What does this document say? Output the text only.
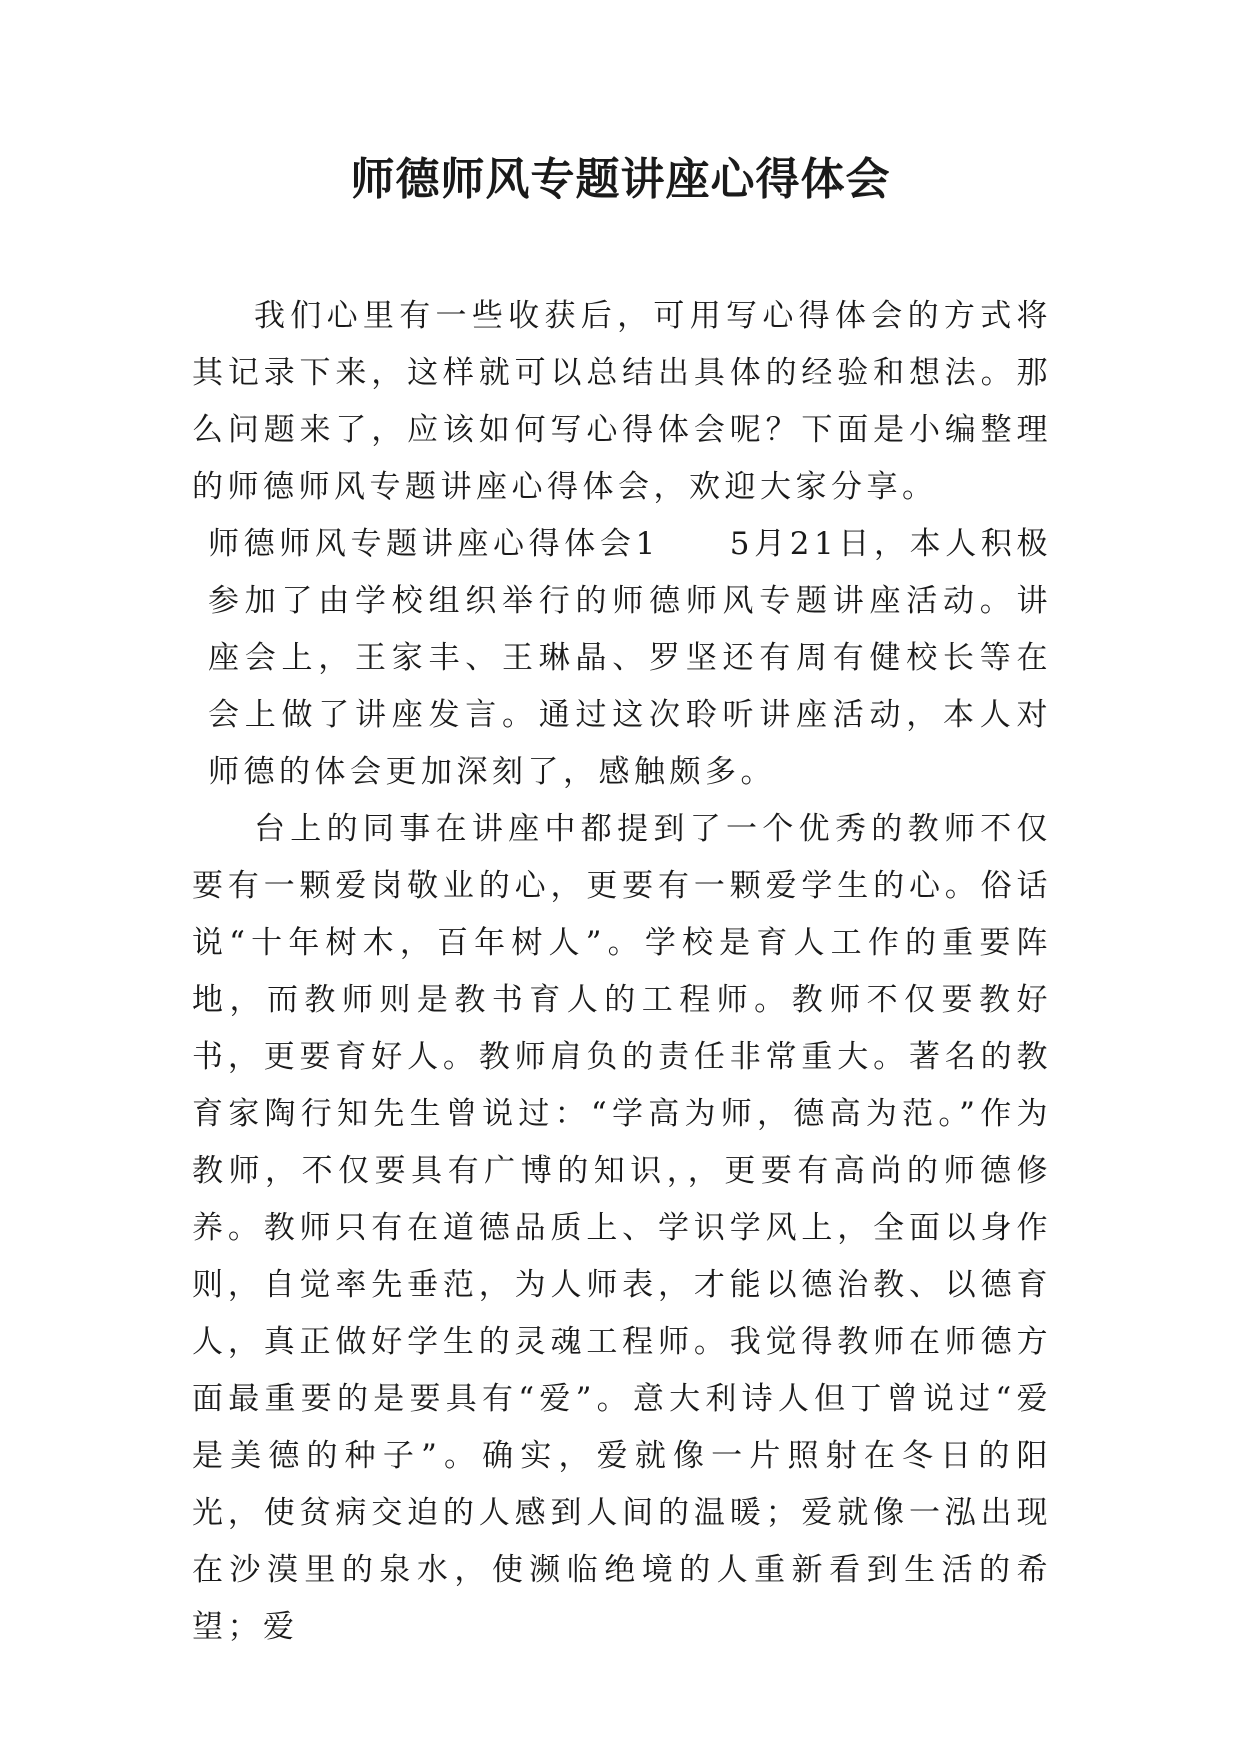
师德师风专题讲座心得体会

我们心里有一些收获后，可用写心得体会的方式将其记录下来，这样就可以总结出具体的经验和想法。那么问题来了，应该如何写心得体会呢？下面是小编整理的师德师风专题讲座心得体会，欢迎大家分享。

师德师风专题讲座心得体会1 5月21日，本人积极参加了由学校组织举行的师德师风专题讲座活动。讲座会上，王家丰、王琳晶、罗坚还有周有健校长等在会上做了讲座发言。通过这次聆听讲座活动，本人对师德的体会更加深刻了，感触颇多。

台上的同事在讲座中都提到了一个优秀的教师不仅要有一颗爱岗敬业的心，更要有一颗爱学生的心。俗话说“十年树木，百年树人”。学校是育人工作的重要阵地，而教师则是教书育人的工程师。教师不仅要教好书，更要育好人。教师肩负的责任非常重大。著名的教育家陶行知先生曾说过：“学高为师，德高为范。”作为教师，不仅要具有广博的知识，，更要有高尚的师德修养。教师只有在道德品质上、学识学风上，全面以身作则，自觉率先垂范，为人师表，才能以德治教、以德育人，真正做好学生的灵魂工程师。我觉得教师在师德方面最重要的是要具有“爱”。意大利诗人但丁曾说过“爱是美德的种子”。确实，爱就像一片照射在冬日的阳光，使贫病交迫的人感到人间的温暖；爱就像一泓出现在沙漠里的泉水，使濒临绝境的人重新看到生活的希望；爱
